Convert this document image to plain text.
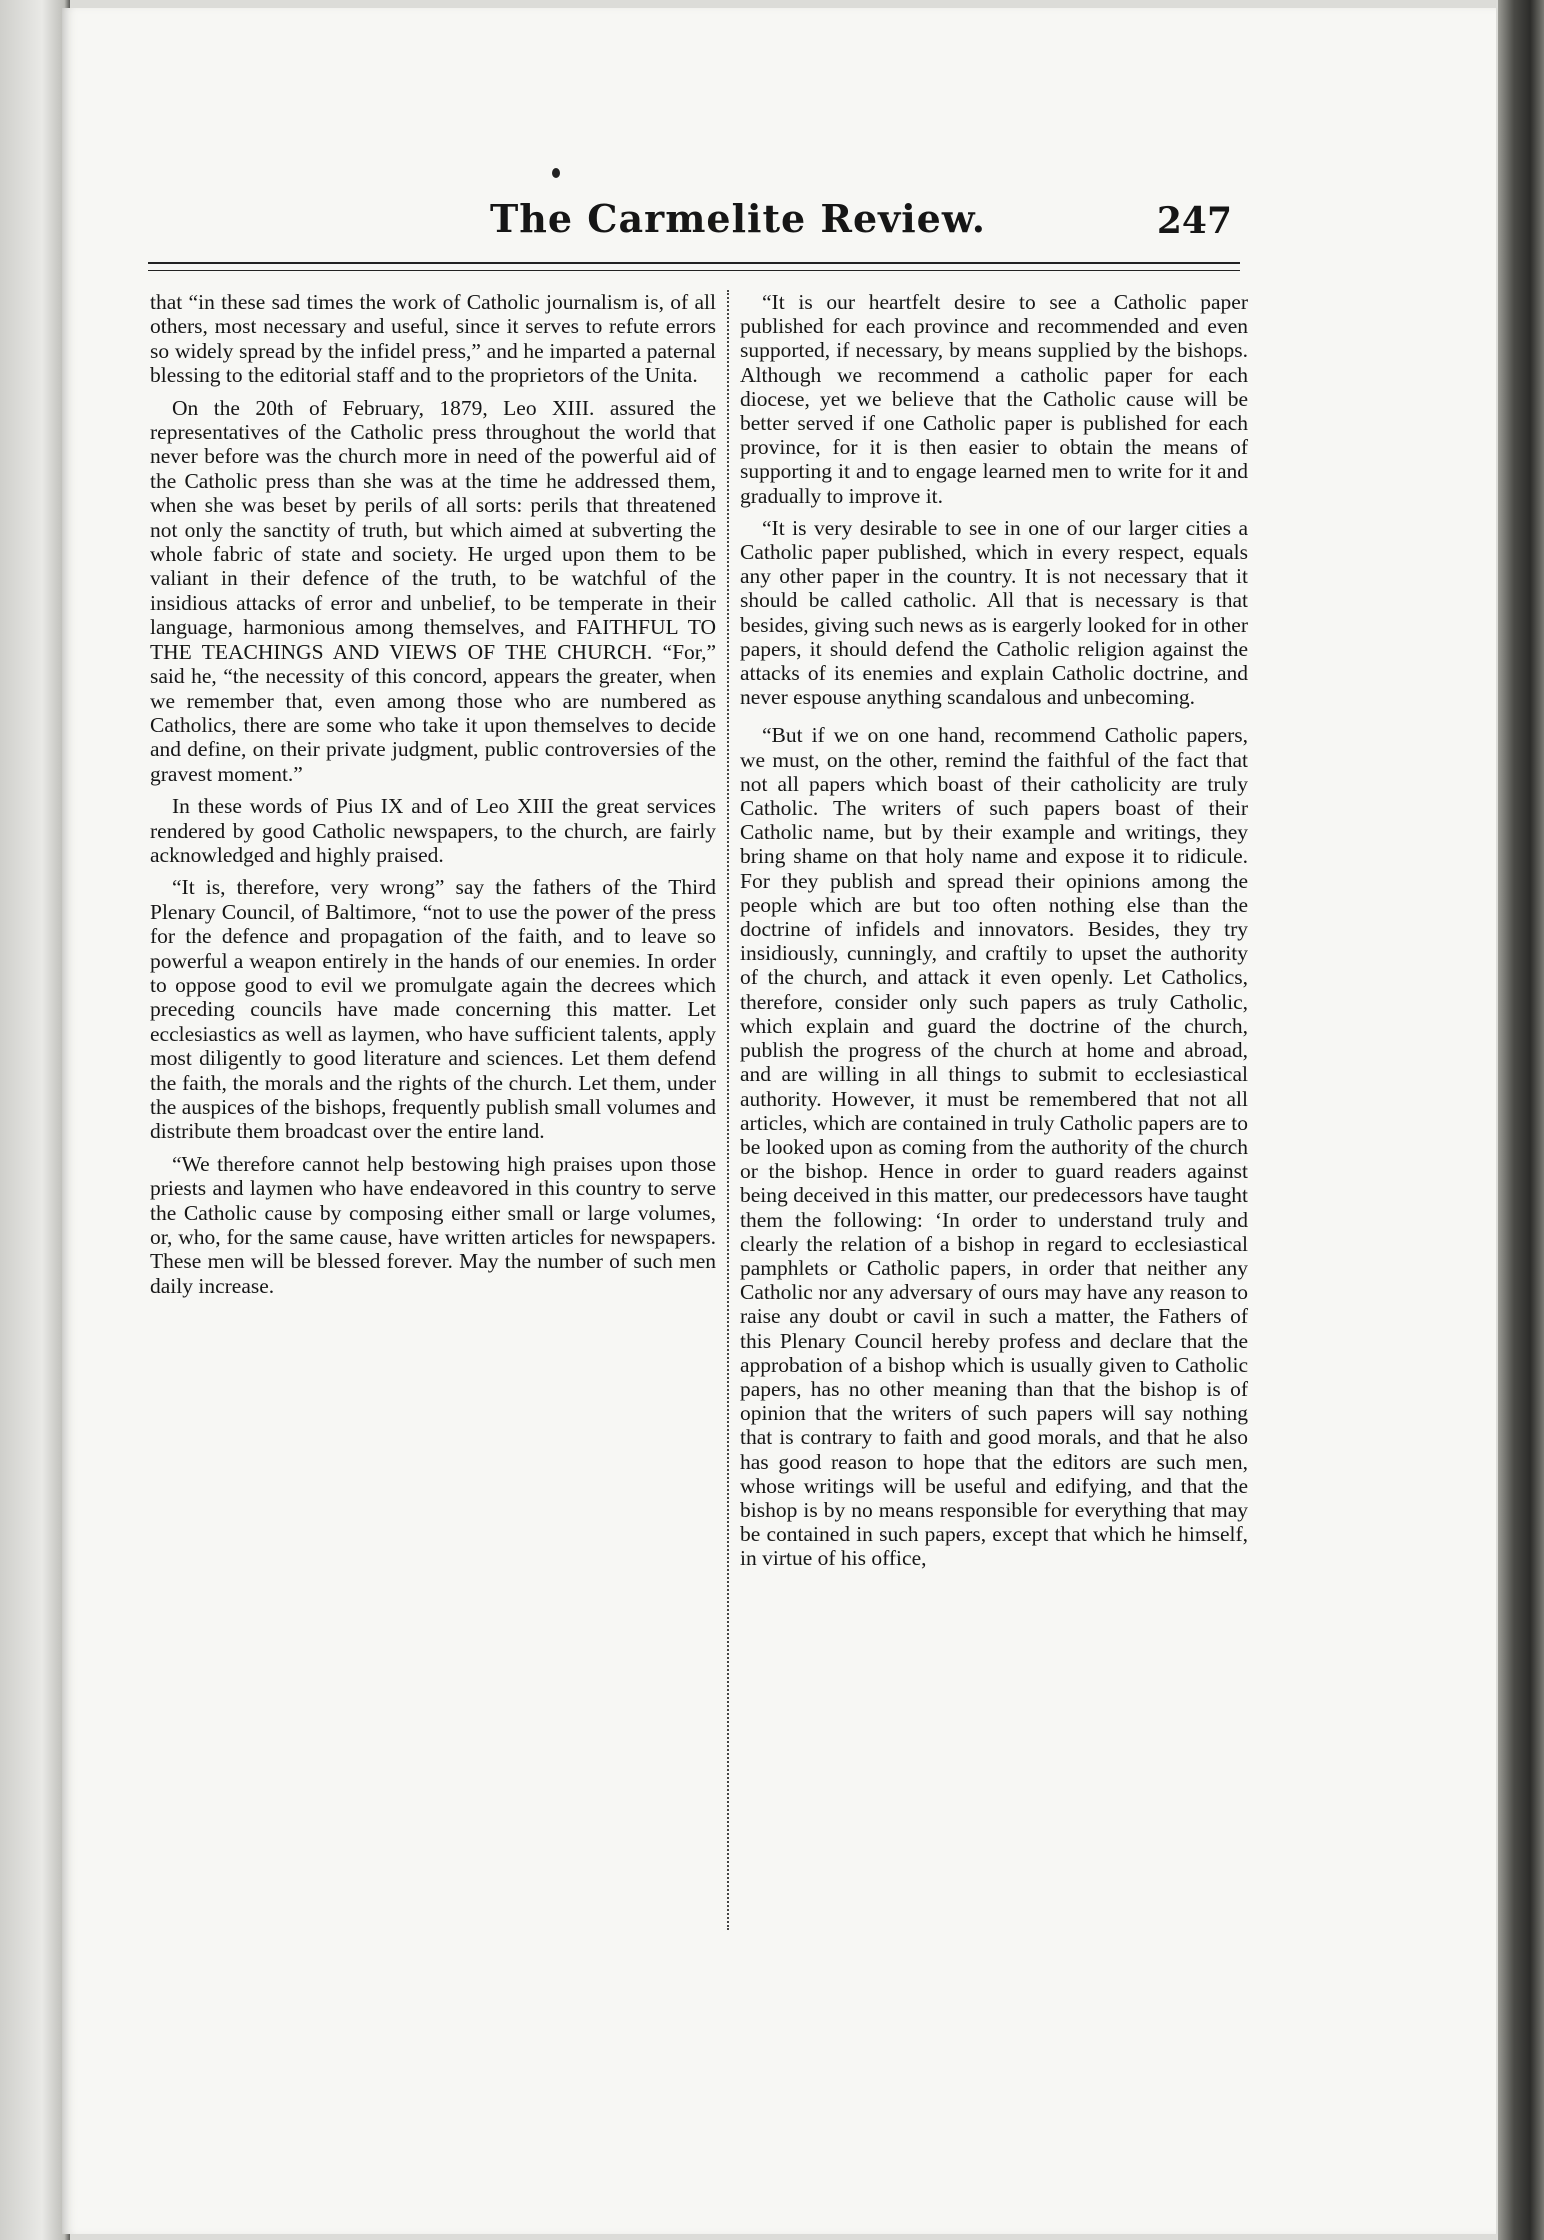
The Carmelite Review.	247

that “in these sad times the work of Catholic journalism is, of all others, most necessary and useful, since it serves to refute errors so widely spread by the infidel press,” and he imparted a paternal blessing to the editorial staff and to the proprietors of the Unita.

On the 20th of February, 1879, Leo XIII. assured the representatives of the Catholic press throughout the world that never before was the church more in need of the powerful aid of the Catholic press than she was at the time he addressed them, when she was beset by perils of all sorts: perils that threatened not only the sanctity of truth, but which aimed at subverting the whole fabric of state and society. He urged upon them to be valiant in their defence of the truth, to be watchful of the insidious attacks of error and unbelief, to be temperate in their language, harmonious among themselves, and FAITHFUL TO THE TEACHINGS AND VIEWS OF THE CHURCH. “For,” said he, “the necessity of this concord, appears the greater, when we remember that, even among those who are numbered as Catholics, there are some who take it upon themselves to decide and define, on their private judgment, public controversies of the gravest moment.”

In these words of Pius IX and of Leo XIII the great services rendered by good Catholic newspapers, to the church, are fairly acknowledged and highly praised.

“It is, therefore, very wrong” say the fathers of the Third Plenary Council, of Baltimore, “not to use the power of the press for the defence and propagation of the faith, and to leave so powerful a weapon entirely in the hands of our enemies. In order to oppose good to evil we promulgate again the decrees which preceding councils have made concerning this matter. Let ecclesiastics as well as laymen, who have sufficient talents, apply most diligently to good literature and sciences. Let them defend the faith, the morals and the rights of the church. Let them, under the auspices of the bishops, frequently publish small volumes and distribute them broadcast over the entire land.

“We therefore cannot help bestowing high praises upon those priests and laymen who have endeavored in this country to serve the Catholic cause by composing either small or large volumes, or, who, for the same cause, have written articles for newspapers. These men will be blessed forever. May the number of such men daily increase.

“It is our heartfelt desire to see a Catholic paper published for each province and recommended and even supported, if necessary, by means supplied by the bishops. Although we recommend a catholic paper for each diocese, yet we believe that the Catholic cause will be better served if one Catholic paper is published for each province, for it is then easier to obtain the means of supporting it and to engage learned men to write for it and gradually to improve it.

“It is very desirable to see in one of our larger cities a Catholic paper published, which in every respect, equals any other paper in the country. It is not necessary that it should be called catholic. All that is necessary is that besides, giving such news as is eargerly looked for in other papers, it should defend the Catholic religion against the attacks of its enemies and explain Catholic doctrine, and never espouse anything scandalous and unbecoming.

“But if we on one hand, recommend Catholic papers, we must, on the other, remind the faithful of the fact that not all papers which boast of their catholicity are truly Catholic. The writers of such papers boast of their Catholic name, but by their example and writings, they bring shame on that holy name and expose it to ridicule. For they publish and spread their opinions among the people which are but too often nothing else than the doctrine of infidels and innovators. Besides, they try insidiously, cunningly, and craftily to upset the authority of the church, and attack it even openly. Let Catholics, therefore, consider only such papers as truly Catholic, which explain and guard the doctrine of the church, publish the progress of the church at home and abroad, and are willing in all things to submit to ecclesiastical authority. However, it must be remembered that not all articles, which are contained in truly Catholic papers are to be looked upon as coming from the authority of the church or the bishop. Hence in order to guard readers against being deceived in this matter, our predecessors have taught them the following: ‘In order to understand truly and clearly the relation of a bishop in regard to ecclesiastical pamphlets or Catholic papers, in order that neither any Catholic nor any adversary of ours may have any reason to raise any doubt or cavil in such a matter, the Fathers of this Plenary Council hereby profess and declare that the approbation of a bishop which is usually given to Catholic papers, has no other meaning than that the bishop is of opinion that the writers of such papers will say nothing that is contrary to faith and good morals, and that he also has good reason to hope that the editors are such men, whose writings will be useful and edifying, and that the bishop is by no means responsible for everything that may be contained in such papers, except that which he himself, in virtue of his office,
